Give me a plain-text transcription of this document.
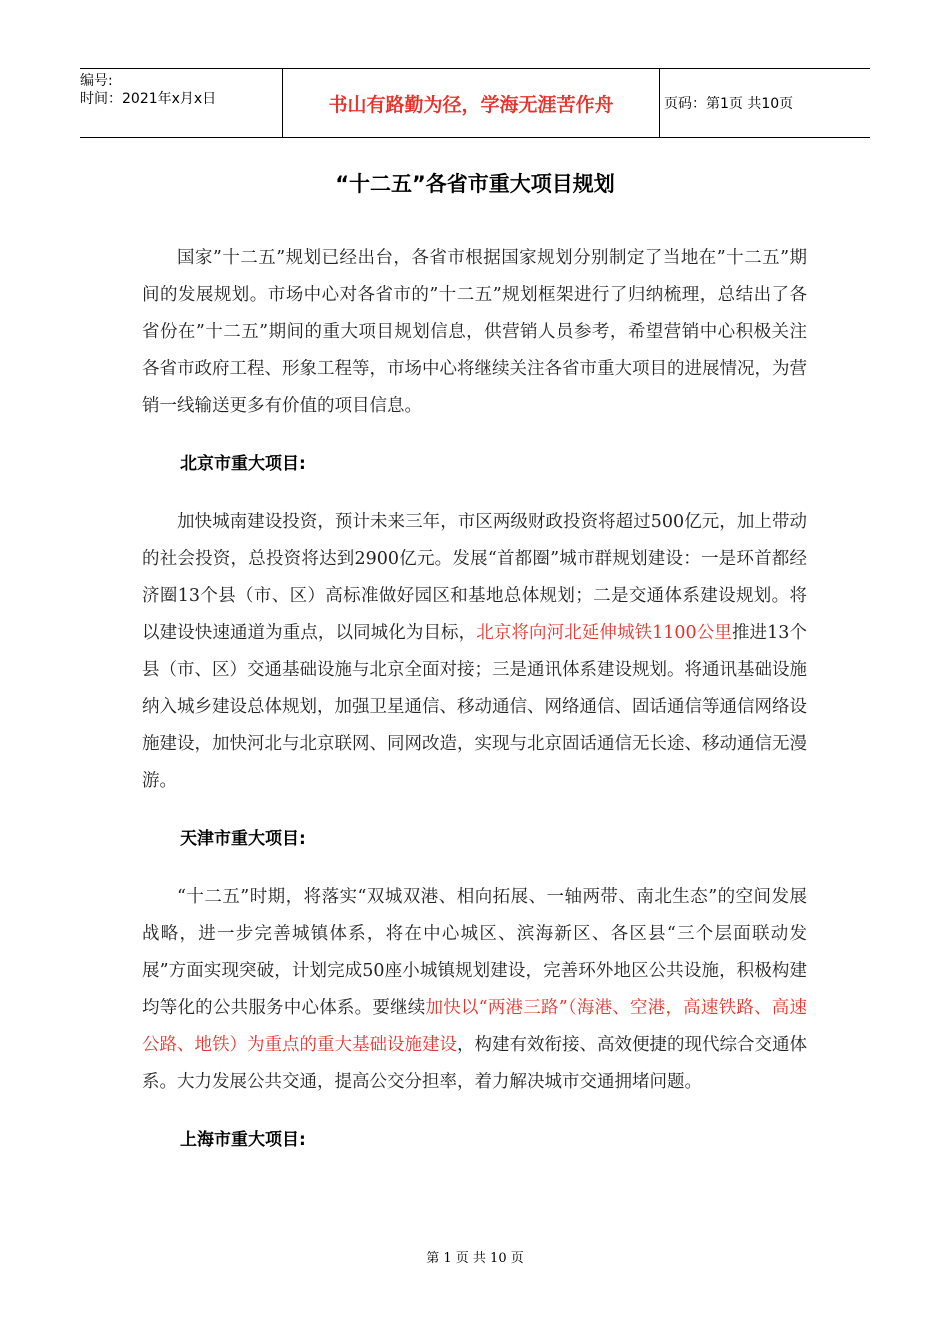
编号:
时间：2021年x月x日	书山有路勤为径，学海无涯苦作舟	页码：第1页 共10页
“十二五”各省市重大项目规划

国家”十二五”规划已经出台，各省市根据国家规划分别制定了当地在”十二五”期间的发展规划。市场中心对各省市的”十二五”规划框架进行了归纳梳理，总结出了各省份在”十二五”期间的重大项目规划信息，供营销人员参考，希望营销中心积极关注各省市政府工程、形象工程等，市场中心将继续关注各省市重大项目的进展情况，为营销一线输送更多有价值的项目信息。

北京市重大项目:

加快城南建设投资，预计未来三年，市区两级财政投资将超过500亿元，加上带动的社会投资，总投资将达到2900亿元。发展“首都圈”城市群规划建设：一是环首都经济圈13个县（市、区）高标准做好园区和基地总体规划；二是交通体系建设规划。将以建设快速通道为重点，以同城化为目标，北京将向河北延伸城铁1100公里推进13个县（市、区）交通基础设施与北京全面对接；三是通讯体系建设规划。将通讯基础设施纳入城乡建设总体规划，加强卫星通信、移动通信、网络通信、固话通信等通信网络设施建设，加快河北与北京联网、同网改造，实现与北京固话通信无长途、移动通信无漫游。

天津市重大项目:

“十二五”时期，将落实“双城双港、相向拓展、一轴两带、南北生态”的空间发展战略，进一步完善城镇体系，将在中心城区、滨海新区、各区县“三个层面联动发展”方面实现突破，计划完成50座小城镇规划建设，完善环外地区公共设施，积极构建均等化的公共服务中心体系。要继续加快以“两港三路”（海港、空港，高速铁路、高速公路、地铁）为重点的重大基础设施建设，构建有效衔接、高效便捷的现代综合交通体系。大力发展公共交通，提高公交分担率，着力解决城市交通拥堵问题。

上海市重大项目:

第 1 页 共 10 页
